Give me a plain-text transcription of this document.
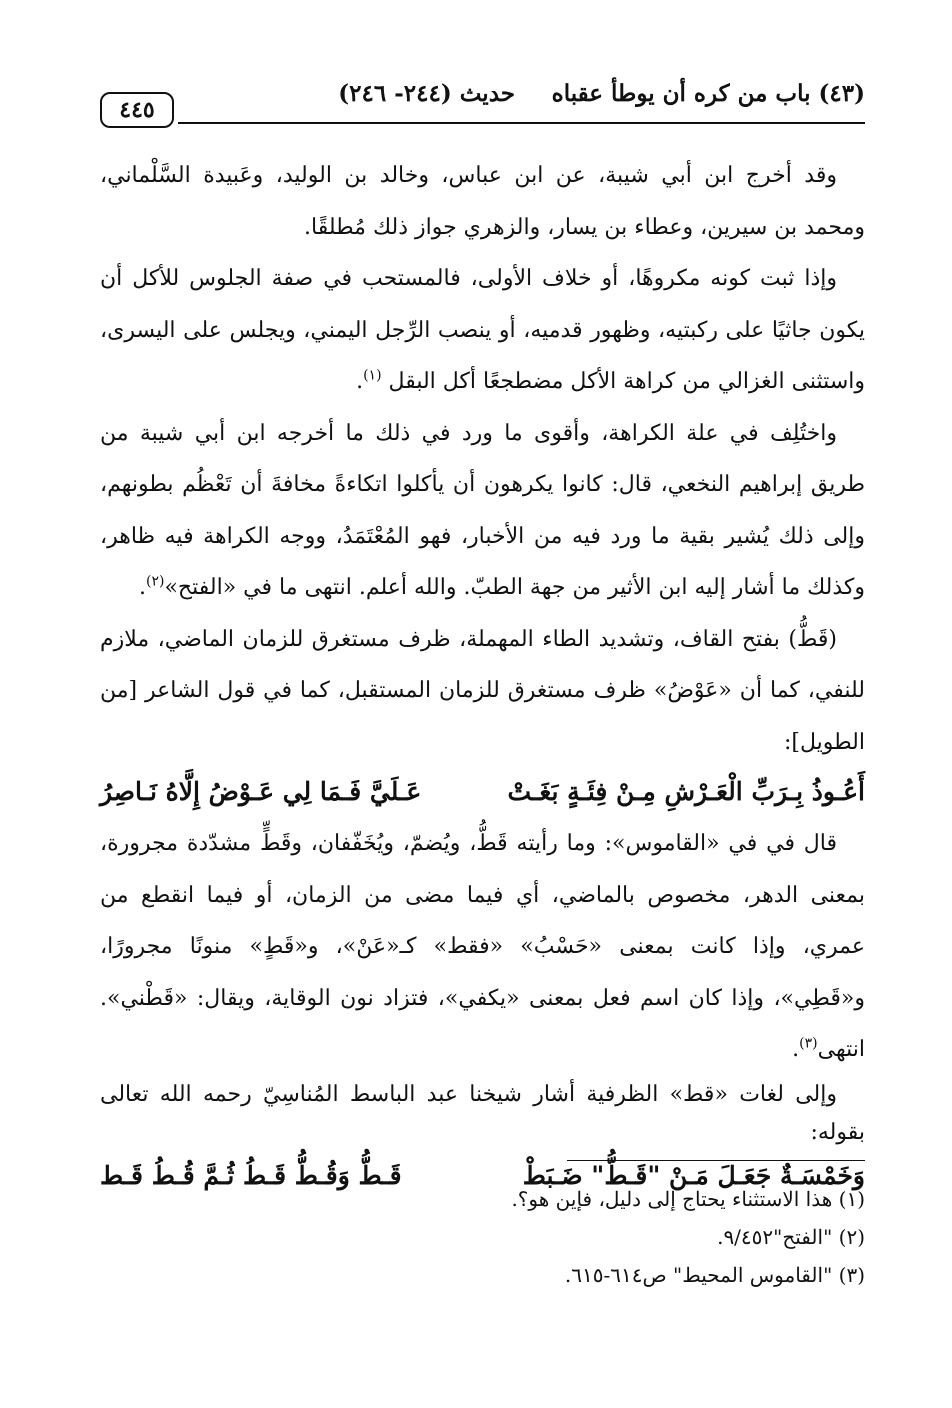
(٤٣) باب من كره أن يوطأ عقباه
حديث (٢٤٤- ٢٤٦)
٤٤٥

وقد أخرج ابن أبي شيبة، عن ابن عباس، وخالد بن الوليد، وعَبيدة السَّلْماني، ومحمد بن سيرين، وعطاء بن يسار، والزهري جواز ذلك مُطلقًا.

وإذا ثبت كونه مكروهًا، أو خلاف الأولى، فالمستحب في صفة الجلوس للأكل أن يكون جاثيًا على ركبتيه، وظهور قدميه، أو ينصب الرِّجل اليمني، ويجلس على اليسرى، واستثنى الغزالي من كراهة الأكل مضطجعًا أكل البقل $^{(١)}$.

واختُلِف في علة الكراهة، وأقوى ما ورد في ذلك ما أخرجه ابن أبي شيبة من طريق إبراهيم النخعي، قال: كانوا يكرهون أن يأكلوا اتكاءةً مخافةَ أن تَعْظُم بطونهم، وإلى ذلك يُشير بقية ما ورد فيه من الأخبار، فهو المُعْتَمَدُ، ووجه الكراهة فيه ظاهر، وكذلك ما أشار إليه ابن الأثير من جهة الطبّ. والله أعلم. انتهى ما في «الفتح»$^{(٢)}$.

(قَطُّ) بفتح القاف، وتشديد الطاء المهملة، ظرف مستغرق للزمان الماضي، ملازم للنفي، كما أن «عَوْضُ» ظرف مستغرق للزمان المستقبل، كما في قول الشاعر [من الطويل]:

أَعُـوذُ بِـرَبِّ الْعَـرْشِ مِـنْ فِئَـةٍ بَغَـتْ
عَـلَيَّ فَـمَا لِي عَـوْضُ إِلَّاهُ نَـاصِرُ

قال في في «القاموس»: وما رأيته قَطُّ، ويُضمّ، ويُخَفّفان، وقَطٍّ مشدّدة مجرورة، بمعنى الدهر، مخصوص بالماضي، أي فيما مضى من الزمان، أو فيما انقطع من عمري، وإذا كانت بمعنى «حَسْبُ» «فقط» كـ«عَنْ»، و«قَطٍ» منونًا مجرورًا، و«قَطِي»، وإذا كان اسم فعل بمعنى «يكفي»، فتزاد نون الوقاية، ويقال: «قَطْني». انتهى$^{(٣)}$.

وإلى لغات «قط» الظرفية أشار شيخنا عبد الباسط المُناسِيّ رحمه الله تعالى بقوله:

وَخَمْسَـةٌ جَعَـلَ مَـنْ "قَـطُّ" ضَـبَطْ
قَـطُّ وَقُـطُّ قَـطُ ثُـمَّ قُـطُ قَـط

(١) هذا الاستثناء يحتاج إلى دليل، فإين هو؟.

(٢) "الفتح"٩/٤٥٢.

(٣) "القاموس المحيط" ص٦١٤-٦١٥.
